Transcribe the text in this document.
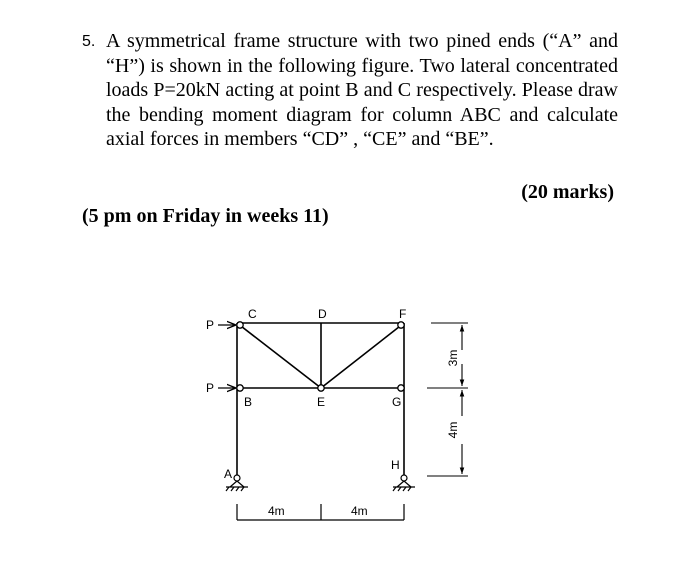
5. A symmetrical frame structure with two pined ends (“A” and “H”) is shown in the following figure. Two lateral concentrated loads P=20kN acting at point B and C respectively. Please draw the bending moment diagram for column ABC and calculate axial forces in members “CD” , “CE” and “BE”.
(20 marks)
(5 pm on Friday in weeks 11)
P
P
C	D	F
B	E	G
H
A
4m	4m
3m
4m
